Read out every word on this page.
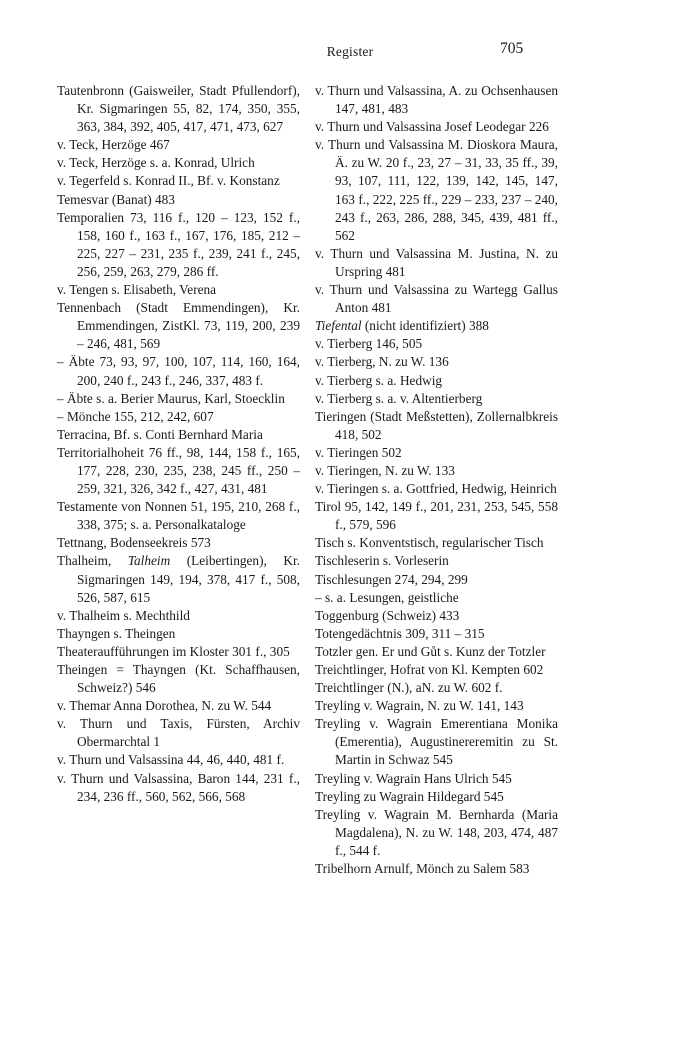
Register	705

Tautenbronn (Gaisweiler, Stadt Pfullendorf), Kr. Sigmaringen 55, 82, 174, 350, 355, 363, 384, 392, 405, 417, 471, 473, 627

v. Teck, Herzöge 467

v. Teck, Herzöge s. a. Konrad, Ulrich

v. Tegerfeld s. Konrad II., Bf. v. Konstanz

Temesvar (Banat) 483

Temporalien 73, 116 f., 120 – 123, 152 f., 158, 160 f., 163 f., 167, 176, 185, 212 – 225, 227 – 231, 235 f., 239, 241 f., 245, 256, 259, 263, 279, 286 ff.

v. Tengen s. Elisabeth, Verena

Tennenbach (Stadt Emmendingen), Kr. Emmendingen, ZistKl. 73, 119, 200, 239 – 246, 481, 569

– Äbte 73, 93, 97, 100, 107, 114, 160, 164, 200, 240 f., 243 f., 246, 337, 483 f.

– Äbte s. a. Berier Maurus, Karl, Stoecklin

– Mönche 155, 212, 242, 607

Terracina, Bf. s. Conti Bernhard Maria

Territorialhoheit 76 ff., 98, 144, 158 f., 165, 177, 228, 230, 235, 238, 245 ff., 250 – 259, 321, 326, 342 f., 427, 431, 481

Testamente von Nonnen 51, 195, 210, 268 f., 338, 375; s. a. Personalkataloge

Tettnang, Bodenseekreis 573

Thalheim, Talheim (Leibertingen), Kr. Sigmaringen 149, 194, 378, 417 f., 508, 526, 587, 615

v. Thalheim s. Mechthild

Thayngen s. Theingen

Theateraufführungen im Kloster 301 f., 305

Theingen = Thayngen (Kt. Schaffhausen, Schweiz?) 546

v. Themar Anna Dorothea, N. zu W. 544

v. Thurn und Taxis, Fürsten, Archiv Obermarchtal 1

v. Thurn und Valsassina 44, 46, 440, 481 f.

v. Thurn und Valsassina, Baron 144, 231 f., 234, 236 ff., 560, 562, 566, 568

v. Thurn und Valsassina, A. zu Ochsenhausen 147, 481, 483

v. Thurn und Valsassina Josef Leodegar 226

v. Thurn und Valsassina M. Dioskora Maura, Ä. zu W. 20 f., 23, 27 – 31, 33, 35 ff., 39, 93, 107, 111, 122, 139, 142, 145, 147, 163 f., 222, 225 ff., 229 – 233, 237 – 240, 243 f., 263, 286, 288, 345, 439, 481 ff., 562

v. Thurn und Valsassina M. Justina, N. zu Urspring 481

v. Thurn und Valsassina zu Wartegg Gallus Anton 481

Tiefental (nicht identifiziert) 388

v. Tierberg 146, 505

v. Tierberg, N. zu W. 136

v. Tierberg s. a. Hedwig

v. Tierberg s. a. v. Altentierberg

Tieringen (Stadt Meßstetten), Zollernalbkreis 418, 502

v. Tieringen 502

v. Tieringen, N. zu W. 133

v. Tieringen s. a. Gottfried, Hedwig, Heinrich

Tirol 95, 142, 149 f., 201, 231, 253, 545, 558 f., 579, 596

Tisch s. Konventstisch, regularischer Tisch

Tischleserin s. Vorleserin

Tischlesungen 274, 294, 299

– s. a. Lesungen, geistliche

Toggenburg (Schweiz) 433

Totengedächtnis 309, 311 – 315

Totzler gen. Er und Gůt s. Kunz der Totzler

Treichtlinger, Hofrat von Kl. Kempten 602

Treichtlinger (N.), aN. zu W. 602 f.

Treyling v. Wagrain, N. zu W. 141, 143

Treyling v. Wagrain Emerentiana Monika (Emerentia), Augustinereremitin zu St. Martin in Schwaz 545

Treyling v. Wagrain Hans Ulrich 545

Treyling zu Wagrain Hildegard 545

Treyling v. Wagrain M. Bernharda (Maria Magdalena), N. zu W. 148, 203, 474, 487 f., 544 f.

Tribelhorn Arnulf, Mönch zu Salem 583
